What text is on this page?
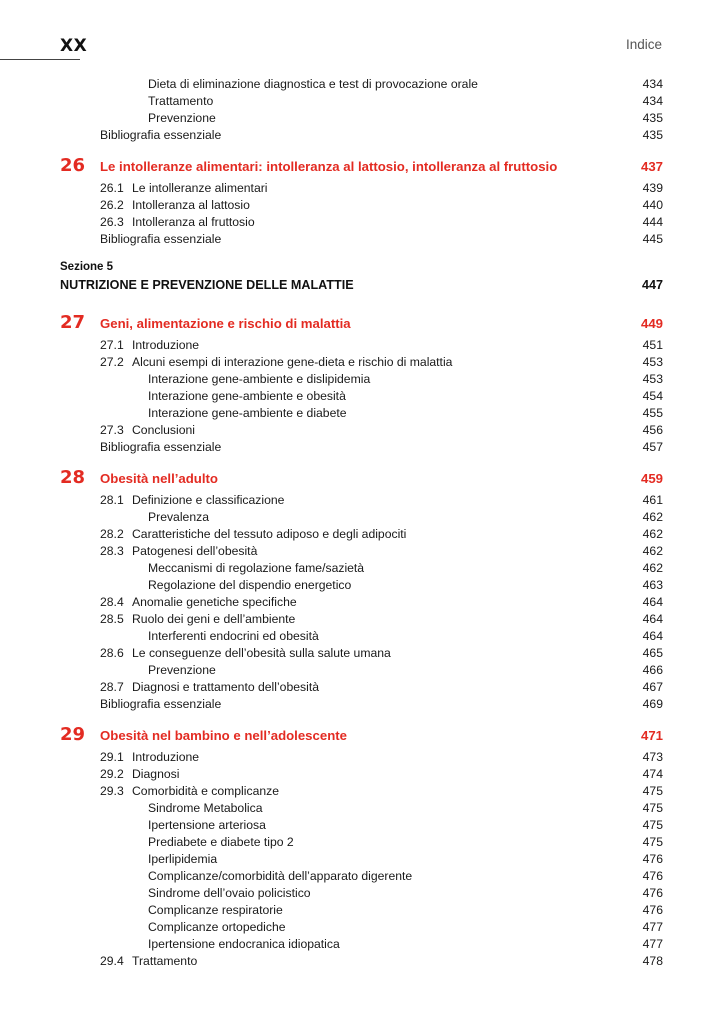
XX	Indice
Dieta di eliminazione diagnostica e test di provocazione orale	434
Trattamento	434
Prevenzione	435
Bibliografia essenziale	435
26 Le intolleranze alimentari: intolleranza al lattosio, intolleranza al fruttosio	437
26.1 Le intolleranze alimentari	439
26.2 Intolleranza al lattosio	440
26.3 Intolleranza al fruttosio	444
Bibliografia essenziale	445
Sezione 5
NUTRIZIONE E PREVENZIONE DELLE MALATTIE	447
27 Geni, alimentazione e rischio di malattia	449
27.1 Introduzione	451
27.2 Alcuni esempi di interazione gene-dieta e rischio di malattia	453
Interazione gene-ambiente e dislipidemia	453
Interazione gene-ambiente e obesità	454
Interazione gene-ambiente e diabete	455
27.3 Conclusioni	456
Bibliografia essenziale	457
28 Obesità nell’adulto	459
28.1 Definizione e classificazione	461
Prevalenza	462
28.2 Caratteristiche del tessuto adiposo e degli adipociti	462
28.3 Patogenesi dell’obesità	462
Meccanismi di regolazione fame/sazietà	462
Regolazione del dispendio energetico	463
28.4 Anomalie genetiche specifiche	464
28.5 Ruolo dei geni e dell’ambiente	464
Interferenti endocrini ed obesità	464
28.6 Le conseguenze dell’obesità sulla salute umana	465
Prevenzione	466
28.7 Diagnosi e trattamento dell’obesità	467
Bibliografia essenziale	469
29 Obesità nel bambino e nell’adolescente	471
29.1 Introduzione	473
29.2 Diagnosi	474
29.3 Comorbidità e complicanze	475
Sindrome Metabolica	475
Ipertensione arteriosa	475
Prediabete e diabete tipo 2	475
Iperlipidemia	476
Complicanze/comorbidità dell’apparato digerente	476
Sindrome dell’ovaio policistico	476
Complicanze respiratorie	476
Complicanze ortopediche	477
Ipertensione endocranica idiopatica	477
29.4 Trattamento	478
